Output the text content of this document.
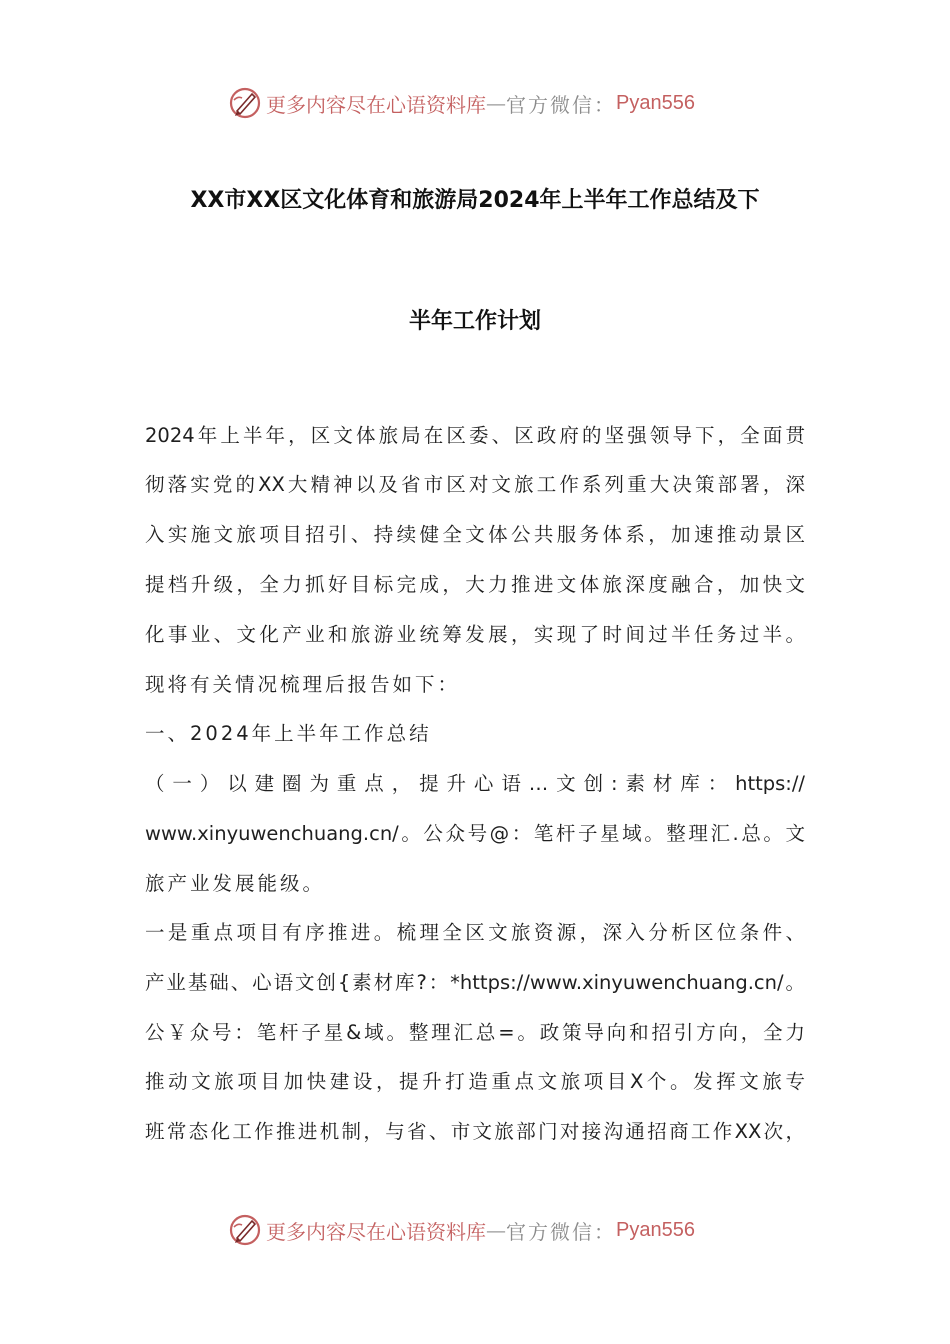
更多内容尽在心语资料库 — 官方微信： Pyan556
XX市XX区文化体育和旅游局2024年上半年工作总结及下
半年工作计划
2024年上半年，区文体旅局在区委、区政府的坚强领导下，全面贯
彻落实党的XX大精神以及省市区对文旅工作系列重大决策部署，深
入实施文旅项目招引、持续健全文体公共服务体系，加速推动景区
提档升级，全力抓好目标完成，大力推进文体旅深度融合，加快文
化事业、文化产业和旅游业统筹发展，实现了时间过半任务过半。
现将有关情况梳理后报告如下：
一、2024年上半年工作总结
（一）以建圈为重点，提升心语…文创:素材库：https://
www.xinyuwenchuang.cn/。公众号@：笔杆子星域。整理汇.总。文
旅产业发展能级。
一是重点项目有序推进。梳理全区文旅资源，深入分析区位条件、
产业基础、心语文创{素材库?：*https://www.xinyuwenchuang.cn/。
公￥众号：笔杆子星&域。整理汇总=。政策导向和招引方向，全力
推动文旅项目加快建设，提升打造重点文旅项目X个。发挥文旅专
班常态化工作推进机制，与省、市文旅部门对接沟通招商工作XX次，
更多内容尽在心语资料库 — 官方微信： Pyan556
